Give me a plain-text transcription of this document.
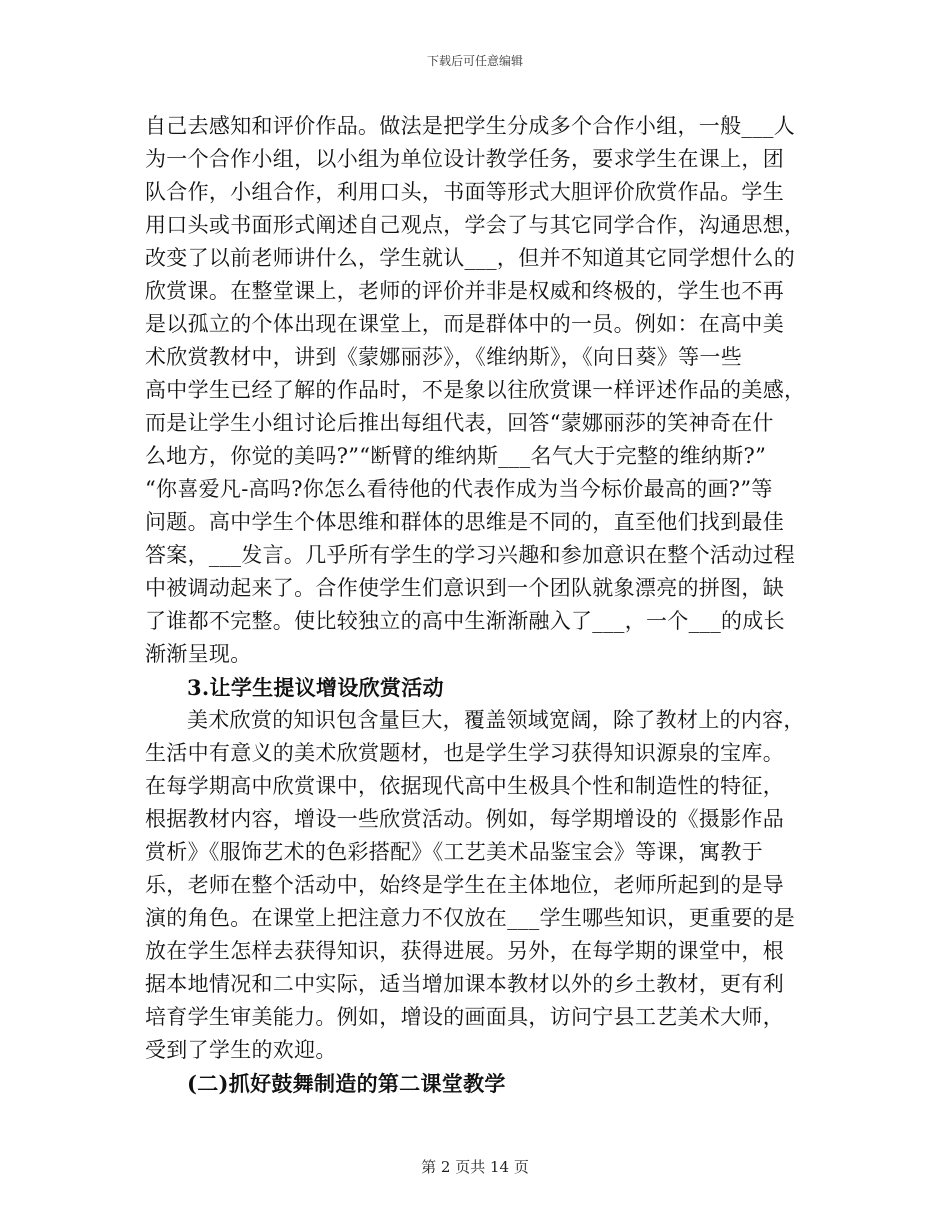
下载后可任意编辑
自己去感知和评价作品。做法是把学生分成多个合作小组，一般___人
为一个合作小组，以小组为单位设计教学任务，要求学生在课上，团
队合作，小组合作，利用口头，书面等形式大胆评价欣赏作品。学生
用口头或书面形式阐述自己观点，学会了与其它同学合作，沟通思想，
改变了以前老师讲什么，学生就认___，但并不知道其它同学想什么的
欣赏课。在整堂课上，老师的评价并非是权威和终极的，学生也不再
是以孤立的个体出现在课堂上，而是群体中的一员。例如：在高中美
术欣赏教材中，讲到《蒙娜丽莎》，《维纳斯》，《向日葵》等一些
高中学生已经了解的作品时，不是象以往欣赏课一样评述作品的美感，
而是让学生小组讨论后推出每组代表，回答“蒙娜丽莎的笑神奇在什
么地方，你觉的美吗?”“断臂的维纳斯___名气大于完整的维纳斯?”
“你喜爱凡-高吗?你怎么看待他的代表作成为当今标价最高的画?”等
问题。高中学生个体思维和群体的思维是不同的，直至他们找到最佳
答案，___发言。几乎所有学生的学习兴趣和参加意识在整个活动过程
中被调动起来了。合作使学生们意识到一个团队就象漂亮的拼图，缺
了谁都不完整。使比较独立的高中生渐渐融入了___，一个___的成长
渐渐呈现。
3.让学生提议增设欣赏活动
美术欣赏的知识包含量巨大，覆盖领域宽阔，除了教材上的内容，
生活中有意义的美术欣赏题材，也是学生学习获得知识源泉的宝库。
在每学期高中欣赏课中，依据现代高中生极具个性和制造性的特征，
根据教材内容，增设一些欣赏活动。例如，每学期增设的《摄影作品
赏析》《服饰艺术的色彩搭配》《工艺美术品鉴宝会》等课，寓教于
乐，老师在整个活动中，始终是学生在主体地位，老师所起到的是导
演的角色。在课堂上把注意力不仅放在___学生哪些知识，更重要的是
放在学生怎样去获得知识，获得进展。另外，在每学期的课堂中，根
据本地情况和二中实际，适当增加课本教材以外的乡土教材，更有利
培育学生审美能力。例如，增设的画面具，访问宁县工艺美术大师，
受到了学生的欢迎。
(二)抓好鼓舞制造的第二课堂教学
第 2 页共 14 页
